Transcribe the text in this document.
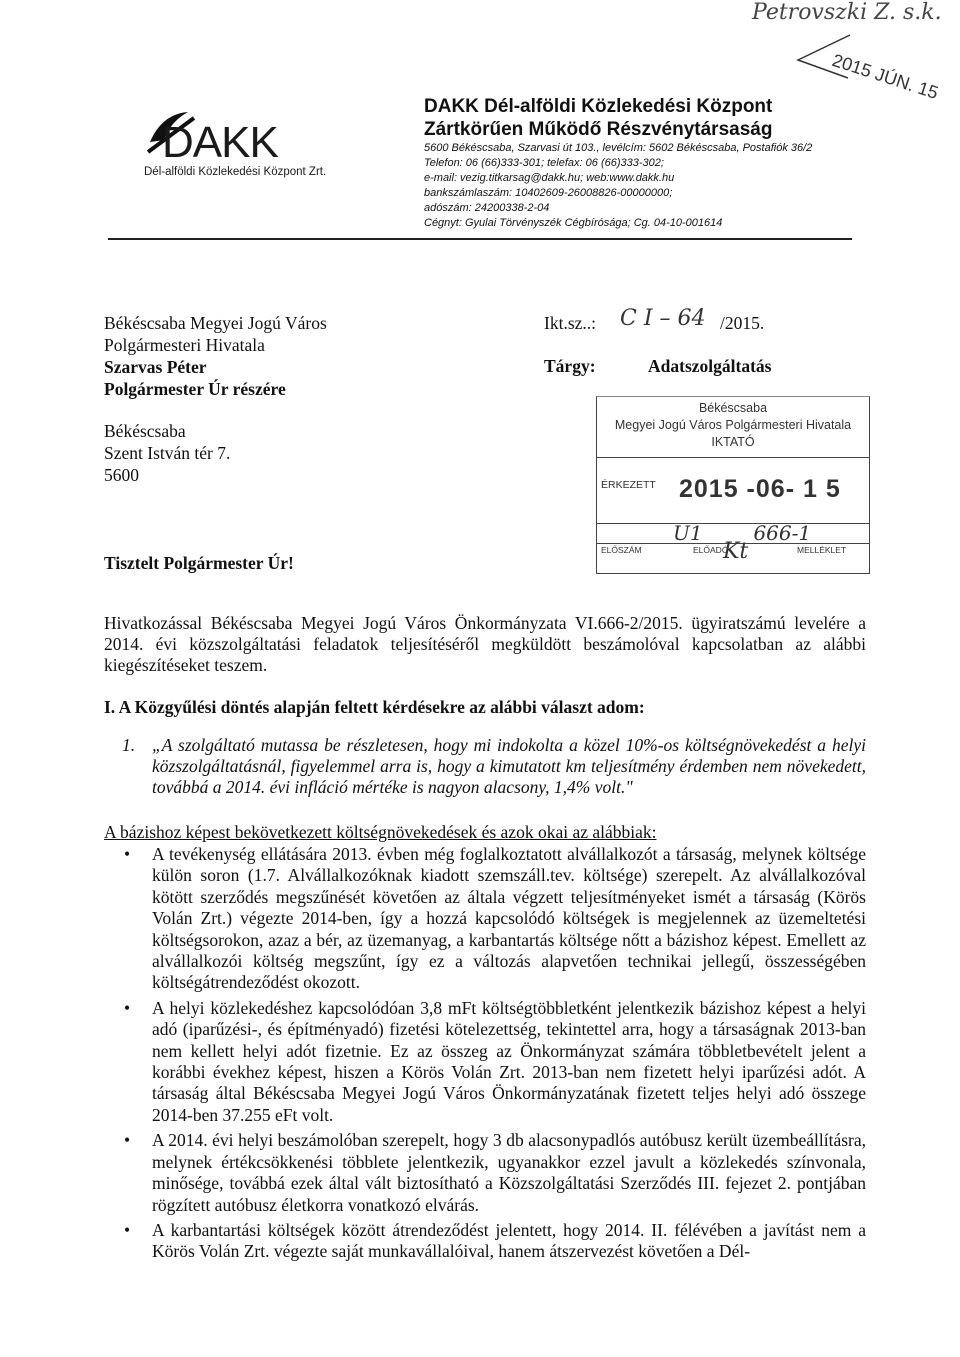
Petrovszki Z. s.k.
2015 JÚN. 15
DAKK
Dél-alföldi Közlekedési Központ Zrt.
DAKK Dél-alföldi Közlekedési Központ
Zártkörűen Működő Részvénytársaság
5600 Békéscsaba, Szarvasi út 103., levélcím: 5602 Békéscsaba, Postafiók 36/2
Telefon: 06 (66)333-301; telefax: 06 (66)333-302;
e-mail: vezig.titkarsag@dakk.hu; web:www.dakk.hu
bankszámlaszám: 10402609-26008826-00000000;
adószám: 24200338-2-04
Cégnyt: Gyulai Törvényszék Cégbírósága; Cg. 04-10-001614
Békéscsaba Megyei Jogú Város
Polgármesteri Hivatala
Szarvas Péter
Polgármester Úr részére
Békéscsaba
Szent István tér 7.
5600
Ikt.sz..: C I – 64 /2015.
Tárgy:	Adatszolgáltatás
Békéscsaba
Megyei Jogú Város Polgármesteri Hivatala
IKTATÓ
ÉRKEZETT 2015 -06- 1 5
U1        666-1
ELŐSZÁM	ELŐADÓ
Kt	MELLÉKLET
Tisztelt Polgármester Úr!
Hivatkozással Békéscsaba Megyei Jogú Város Önkormányzata VI.666-2/2015. ügyiratszámú levelére a 2014. évi közszolgáltatási feladatok teljesítéséről megküldött beszámolóval kapcsolatban az alábbi kiegészítéseket teszem.
I. A Közgyűlési döntés alapján feltett kérdésekre az alábbi választ adom:
1. „A szolgáltató mutassa be részletesen, hogy mi indokolta a közel 10%-os költségnövekedést a helyi közszolgáltatásnál, figyelemmel arra is, hogy a kimutatott km teljesítmény érdemben nem növekedett, továbbá a 2014. évi infláció mértéke is nagyon alacsony, 1,4% volt."
A bázishoz képest bekövetkezett költségnövekedések és azok okai az alábbiak:
• A tevékenység ellátására 2013. évben még foglalkoztatott alvállalkozót a társaság, melynek költsége külön soron (1.7. Alvállalkozóknak kiadott szemszáll.tev. költsége) szerepelt. Az alvállalkozóval kötött szerződés megszűnését követően az általa végzett teljesítményeket ismét a társaság (Körös Volán Zrt.) végezte 2014-ben, így a hozzá kapcsolódó költségek is megjelennek az üzemeltetési költségsorokon, azaz a bér, az üzemanyag, a karbantartás költsége nőtt a bázishoz képest. Emellett az alvállalkozói költség megszűnt, így ez a változás alapvetően technikai jellegű, összességében költségátrendeződést okozott.
• A helyi közlekedéshez kapcsolódóan 3,8 mFt költségtöbbletként jelentkezik bázishoz képest a helyi adó (iparűzési-, és építményadó) fizetési kötelezettség, tekintettel arra, hogy a társaságnak 2013-ban nem kellett helyi adót fizetnie. Ez az összeg az Önkormányzat számára többletbevételt jelent a korábbi évekhez képest, hiszen a Körös Volán Zrt. 2013-ban nem fizetett helyi iparűzési adót. A társaság által Békéscsaba Megyei Jogú Város Önkormányzatának fizetett teljes helyi adó összege 2014-ben 37.255 eFt volt.
• A 2014. évi helyi beszámolóban szerepelt, hogy 3 db alacsonypadlós autóbusz került üzembeállításra, melynek értékcsökkenési többlete jelentkezik, ugyanakkor ezzel javult a közlekedés színvonala, minősége, továbbá ezek által vált biztosítható a Közszolgáltatási Szerződés III. fejezet 2. pontjában rögzített autóbusz életkorra vonatkozó elvárás.
• A karbantartási költségek között átrendeződést jelentett, hogy 2014. II. félévében a javítást nem a Körös Volán Zrt. végezte saját munkavállalóival, hanem átszervezést követően a Dél-
